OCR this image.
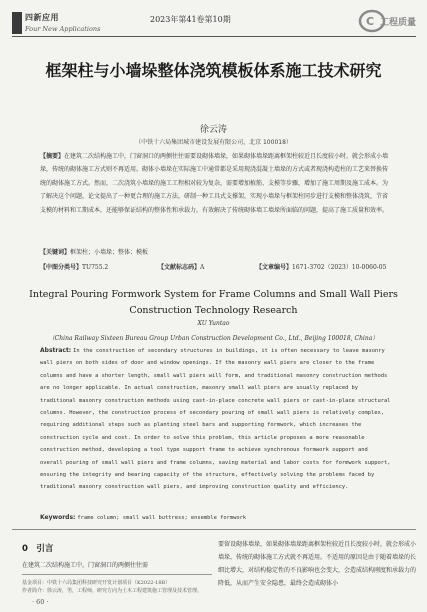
四新应用
Four New Applications
2023年第41卷第10期	C 工程质量
框架柱与小墙垛整体浇筑模板体系施工技术研究
徐云涛
（中铁十六局集团城市建设发展有限公司，北京 100018）
【摘要】在建筑二次结构施工中，门窗洞口的两侧往往需要设砌体墙垛，如果砌体墙垛距离框架柱较近且长度较小时，就会形成小墙垛，传统的砌体施工方式则不再适用。砌体小墙垛在实际施工中通常都是采用现浇混凝土墙垛的方式或者现浇构造柱的工艺来替换传统的砌体施工方式。然而，二次浇筑小墙垛的施工工程相对较为复杂，需要增加植筋、支模等步骤，增加了施工周期及施工成本。为了解决这个问题，论文提出了一种更合理的施工方法，研制一种工具式支撑架，实现小墙垛与框架柱同步进行支模和整体浇筑，节省支模的材料和工期成本，还能够保证结构的整体性和承载力，有效解决了传统砌体墙工墙垛所面临的问题，提高了施工质量和效率。
【关键词】框架柱；小墙垛；整体；模板
【中图分类号】TU755.2	【文献标志码】A	【文章编号】1671-3702（2023）10-0060-05
Integral Pouring Formwork System for Frame Columns and Small Wall Piers Construction Technology Research
XU Yuntao
（China Railway Sixteen Bureau Group Urban Construction Development Co., Ltd., Beijing 100018, China）
Abstract: In the construction of secondary structures in buildings, it is often necessary to leave masonry wall piers on both sides of door and window openings. If the masonry wall piers are closer to the frame columns and have a shorter length, small wall piers will form, and traditional masonry construction methods are no longer applicable. In actual construction, masonry small wall piers are usually replaced by traditional masonry construction methods using cast-in-place concrete wall piers or cast-in-place structural columns. However, the construction process of secondary pouring of small wall piers is relatively complex, requiring additional steps such as planting steel bars and supporting formwork, which increases the construction cycle and cost. In order to solve this problem, this article proposes a more reasonable construction method, developing a tool type support frame to achieve synchronous formwork support and overall pouring of small wall piers and frame columns, saving material and labor costs for formwork support, ensuring the integrity and bearing capacity of the structure, effectively solving the problems faced by traditional masonry construction wall piers, and improving construction quality and efficiency.
Keywords: frame column; small wall buttress; ensemble formwork
0　引言
在建筑二次结构施工中，门窗洞口的两侧往往需
基金项目：中铁十六局集团科技研究开发计划项目（K2022-18B）
作者简介：徐云涛，男，工程师，研究方向为土木工程建筑施工管理及技术管理。
要留设砌体墙垛，如果砌体墙垛距离框架柱较近且长度较小时，就会形成小墙垛，传统的砌体施工方式就不再适用。不适用的原因是由于随着墙垛的长细比增大，对结构稳定性的不良影响也会变大，会造成结构刚度和承载力的降低，从而产生安全隐患，最终会造成砌体小
· 60 ·
